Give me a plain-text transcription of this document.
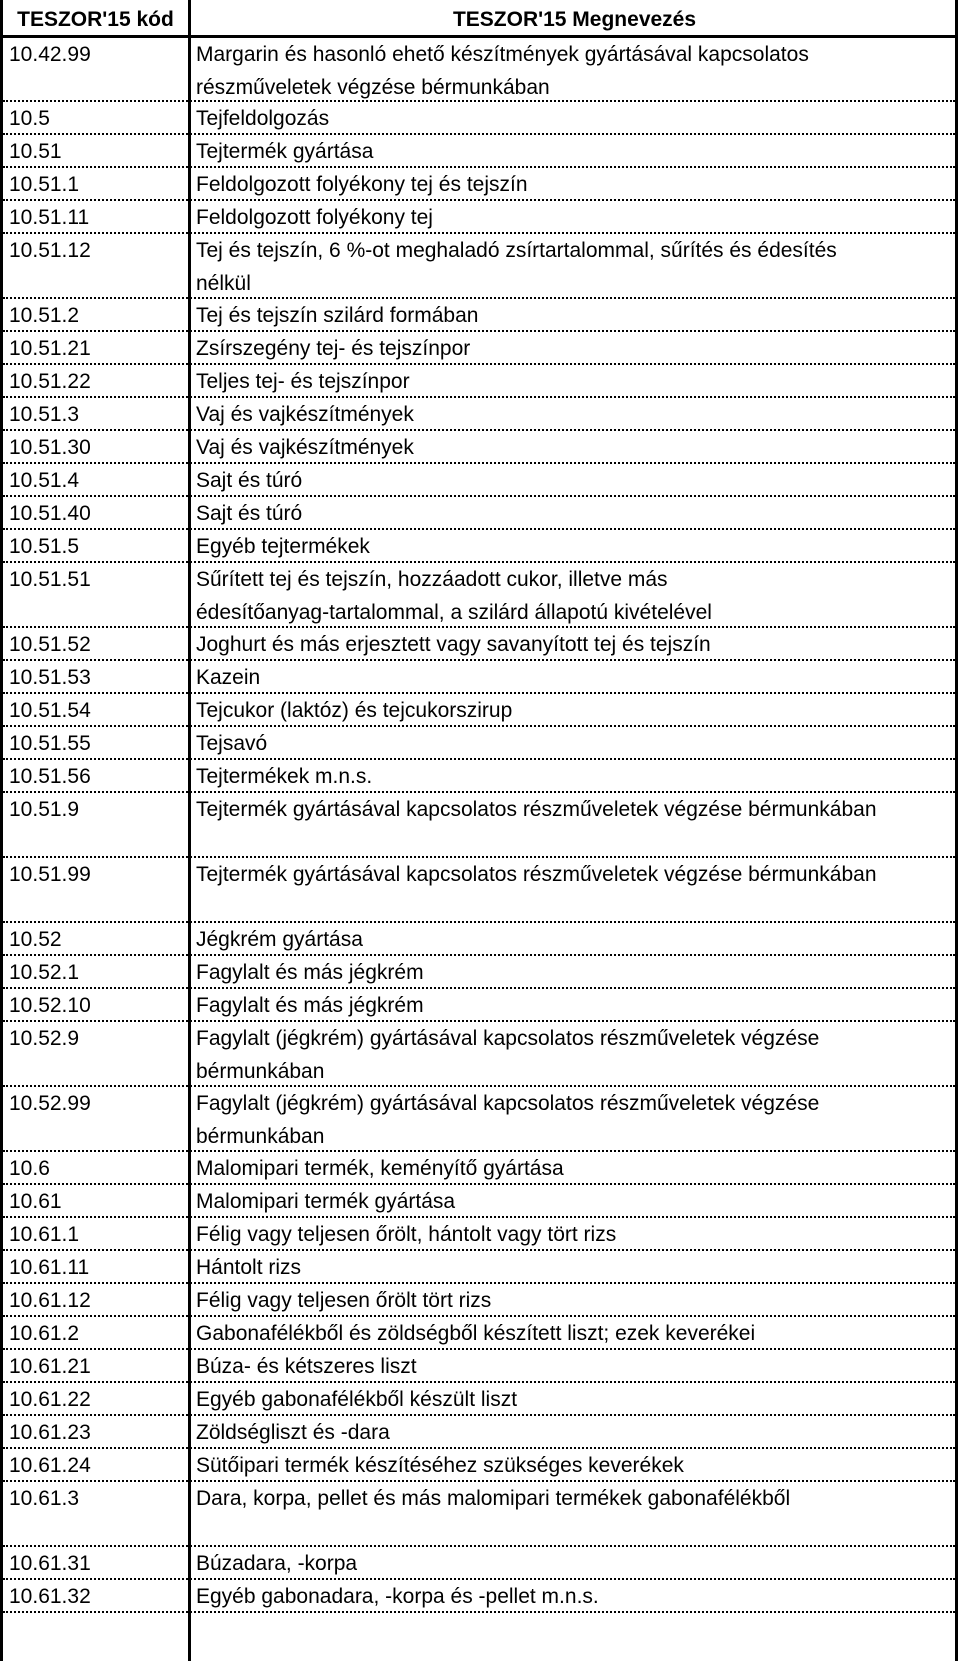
TESZOR'15 kód	TESZOR'15 Megnevezés
10.42.99	Margarin és hasonló ehető készítmények gyártásával kapcsolatos
részműveletek végzése bérmunkában
10.5	Tejfeldolgozás
10.51	Tejtermék gyártása
10.51.1	Feldolgozott folyékony tej és tejszín
10.51.11	Feldolgozott folyékony tej
10.51.12	Tej és tejszín, 6 %-ot meghaladó zsírtartalommal, sűrítés és édesítés
nélkül
10.51.2	Tej és tejszín szilárd formában
10.51.21	Zsírszegény tej- és tejszínpor
10.51.22	Teljes tej- és tejszínpor
10.51.3	Vaj és vajkészítmények
10.51.30	Vaj és vajkészítmények
10.51.4	Sajt és túró
10.51.40	Sajt és túró
10.51.5	Egyéb tejtermékek
10.51.51	Sűrített tej és tejszín, hozzáadott cukor, illetve más
édesítőanyag-tartalommal, a szilárd állapotú kivételével
10.51.52	Joghurt és más erjesztett vagy savanyított tej és tejszín
10.51.53	Kazein
10.51.54	Tejcukor (laktóz) és tejcukorszirup
10.51.55	Tejsavó
10.51.56	Tejtermékek m.n.s.
10.51.9	Tejtermék gyártásával kapcsolatos részműveletek végzése bérmunkában

10.51.99	Tejtermék gyártásával kapcsolatos részműveletek végzése bérmunkában

10.52	Jégkrém gyártása
10.52.1	Fagylalt és más jégkrém
10.52.10	Fagylalt és más jégkrém
10.52.9	Fagylalt (jégkrém) gyártásával kapcsolatos részműveletek végzése
bérmunkában
10.52.99	Fagylalt (jégkrém) gyártásával kapcsolatos részműveletek végzése
bérmunkában
10.6	Malomipari termék, keményítő gyártása
10.61	Malomipari termék gyártása
10.61.1	Félig vagy teljesen őrölt, hántolt vagy tört rizs
10.61.11	Hántolt rizs
10.61.12	Félig vagy teljesen őrölt tört rizs
10.61.2	Gabonafélékből és zöldségből készített liszt; ezek keverékei
10.61.21	Búza- és kétszeres liszt
10.61.22	Egyéb gabonafélékből készült liszt
10.61.23	Zöldségliszt és -dara
10.61.24	Sütőipari termék készítéséhez szükséges keverékek
10.61.3	Dara, korpa, pellet és más malomipari termékek gabonafélékből

10.61.31	Búzadara, -korpa
10.61.32	Egyéb gabonadara, -korpa és -pellet m.n.s.
